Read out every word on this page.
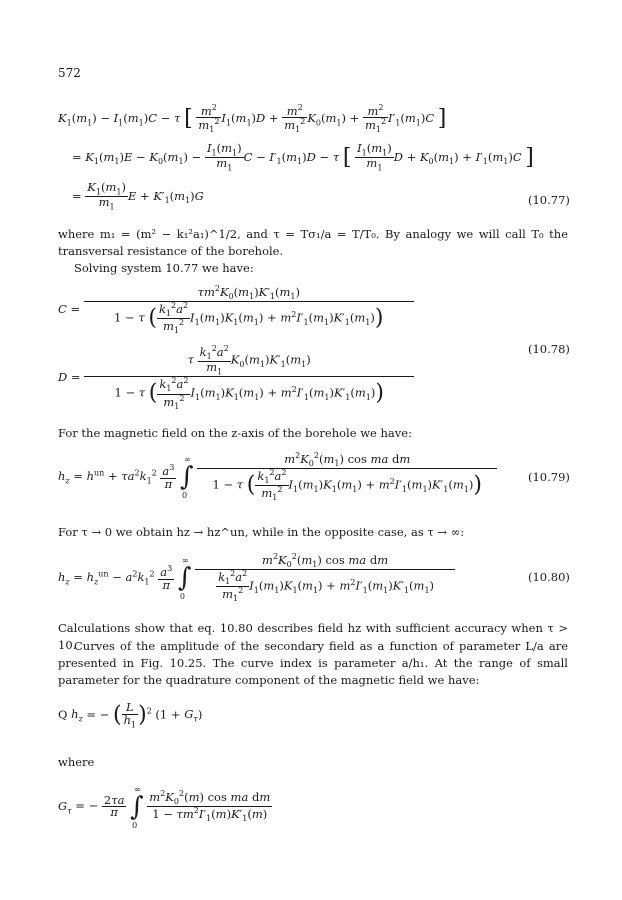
572
$K_1(m_1) - I_1(m_1)C - \tau$ [ $\frac{m^2}{m_1^2} I_1(m_1)D + \frac{m^2}{m_1^2} K_0(m_1) + \frac{m^2}{m_1^2} I'_1(m_1)C$ ]
= $K_1(m_1)E - K_0(m_1) - \frac{I_1(m_1)}{m_1}$ $C - I'_1(m_1)D - \tau$ [ $\frac{I_1(m_1)}{m_1}$ $D + K_0(m_1) + I'_1(m_1)C$ ]
= $\frac{K_1(m_1)}{m_1}$ $E + K'_1(m_1)G$	(10.77)
where m₁ = (m² − k₁²a₁)^1/2, and τ = Tσ₁/a = T/T₀. By analogy we will call T₀ the transversal resistance of the borehole.
Solving system 10.77 we have:
$C = \frac{\tau m^2K_0(m_1)K'_1(m_1)}{1 - \tau ( \frac{k_1^2a^2}{m_1^2} I_1(m_1)K_1(m_1) + m^2I'_1(m_1)K'_1(m_1))}$
$D = \frac{\tau \frac{k_1^2a^2}{m_1} K_0(m_1)K'_1(m_1)}{1 - \tau ( \frac{k_1^2a^2}{m_1^2} I_1(m_1)K_1(m_1) + m^2I'_1(m_1)K'_1(m_1))}$	(10.78)
For the magnetic field on the z-axis of the borehole we have:
$h_z = h^{un} + \tau a^2k_1^2 \frac{a^3}{\pi}$ ∫
∞
0
$\frac{m^2K_0^2(m_1) \cos ma dm}{1 - \tau ( \frac{k_1^2a^2}{m_1^2} I_1(m_1)K_1(m_1) + m^2I'_1(m_1)K'_1(m_1))}$	(10.79)
For τ → 0 we obtain hz → hz^un, while in the opposite case, as τ → ∞:
$h_z = h_z^{un} - a^2k_1^2 \frac{a^3}{\pi}$ ∫
∞
0
$\frac{m^2K_0^2(m_1) \cos ma dm}{\frac{k_1^2a^2}{m_1^2} I_1(m_1)K_1(m_1) + m^2I'_1(m_1)K'_1(m_1)}$	(10.80)
Calculations show that eq. 10.80 describes field hz with sufficient accuracy when τ > 10.
Curves of the amplitude of the secondary field as a function of parameter L/a are presented in Fig. 10.25. The curve index is parameter a/h₁. At the range of small parameter for the quadrature component of the magnetic field we have:
Q $h_z$ = − ( $\frac{L}{h_1} )^2$ $(1 + G_\tau)$
where
$G_\tau$ = − $\frac{2\tau a}{\pi}$ ∫
∞
0

$\frac{m^2K_0^2(m) \cos ma dm}{1 - \tau m^2I'_1(m)K'_1(m)}$
